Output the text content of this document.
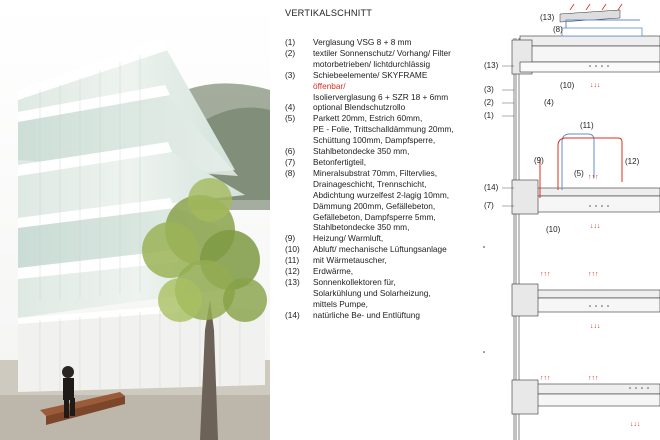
VERTIKALSCHNITT
(1)	Verglasung VSG 8 + 8 mm
(2)	textiler Sonnenschutz/ Vorhang/ Filter
motorbetrieben/ lichtdurchlässig
(3)	Schiebeelemente/ SKYFRAME
öffenbar/
Isolierverglasung 6 + SZR 18 + 6mm
(4)	optional Blendschutzrollo
(5)	Parkett 20mm, Estrich 60mm,
PE - Folie, Trittschalldämmung 20mm,
Schüttung 100mm, Dampfsperre,
(6)	Stahlbetondecke 350 mm,
(7)	Betonfertigteil,
(8)	Mineralsubstrat 70mm, Filtervlies,
Drainageschicht, Trennschicht,
Abdichtung wurzelfest 2-lagig 10mm,
Dämmung 200mm, Gefällebeton,
Gefällebeton, Dampfsperre 5mm,
Stahlbetondecke 350 mm,
(9)	Heizung/ Warmluft,
(10)	Abluft/ mechanische Lüftungsanlage
(11)	mit Wärmetauscher,
(12)	Erdwärme,
(13)	Sonnenkollektoren für,
Solarkühlung und Solarheizung,
mittels Pumpe,
(14)	natürliche Be- und Entlüftung
↓↓↓
↑↑↑
↓↓↓
↑↑↑	↑↑↑
↓↓↓
↑↑↑	↑↑↑
↓↓↓
(13)
(8)
(13)
(3)
(2)	(4)
(1)
(10)
(11)
(9)	(12)
(14)
(5)
(7)
(10)
